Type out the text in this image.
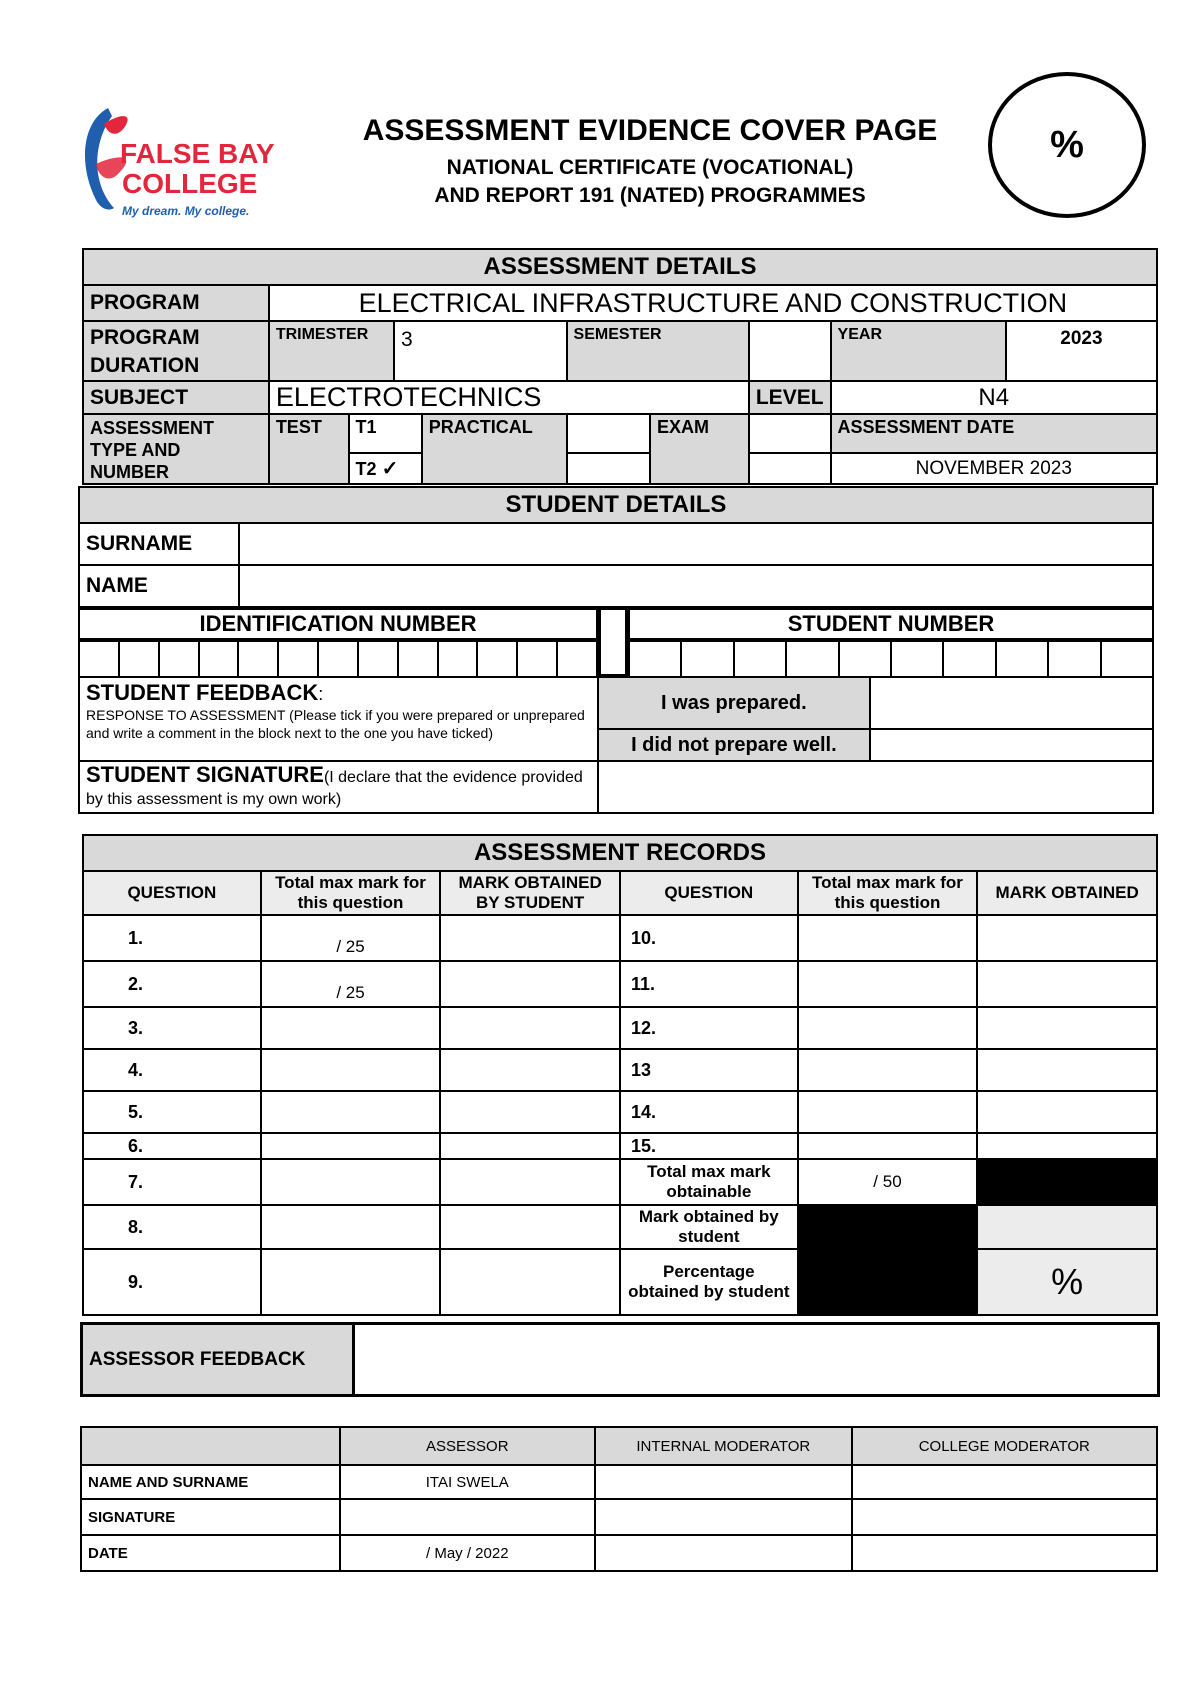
FALSE BAY
COLLEGE
My dream. My college.
ASSESSMENT EVIDENCE COVER PAGE
NATIONAL CERTIFICATE (VOCATIONAL)
AND REPORT 191 (NATED) PROGRAMMES
%
ASSESSMENT DETAILS									
PROGRAM	ELECTRICAL INFRASTRUCTURE AND CONSTRUCTION								
PROGRAM DURATION	TRIMESTER		3		SEMESTER			YEAR	2023
SUBJECT	ELECTROTECHNICS						LEVEL	N4	
ASSESSMENT TYPE AND NUMBER	TEST	T1		PRACTICAL		EXAM		ASSESSMENT DATE	
		T2 ✓						NOVEMBER 2023	
STUDENT DETAILS	
SURNAME	
NAME	
IDENTIFICATION NUMBER	STUDENT NUMBER

STUDENT FEEDBACK:
RESPONSE TO ASSESSMENT (Please tick if you were prepared or unprepared and write a comment in the block next to the one you have ticked)	I was prepared.	
	I did not prepare well.	
STUDENT SIGNATURE(I declare that the evidence provided by this assessment is my own work)		
ASSESSMENT RECORDS					
QUESTION	Total max mark for this question	MARK OBTAINED BY STUDENT	QUESTION	Total max mark for this question	MARK OBTAINED
1.	/ 25		10.		
2.	/ 25		11.		
3.			12.		
4.			13		
5.			14.		
6.			15.		
7.			Total max mark obtainable	/ 50	
8.			Mark obtained by student		
9.			Percentage obtained by student		%
ASSESSOR FEEDBACK	
	ASSESSOR	INTERNAL MODERATOR	COLLEGE MODERATOR
NAME AND SURNAME	ITAI SWELA		
SIGNATURE			
DATE	/ May / 2022		
